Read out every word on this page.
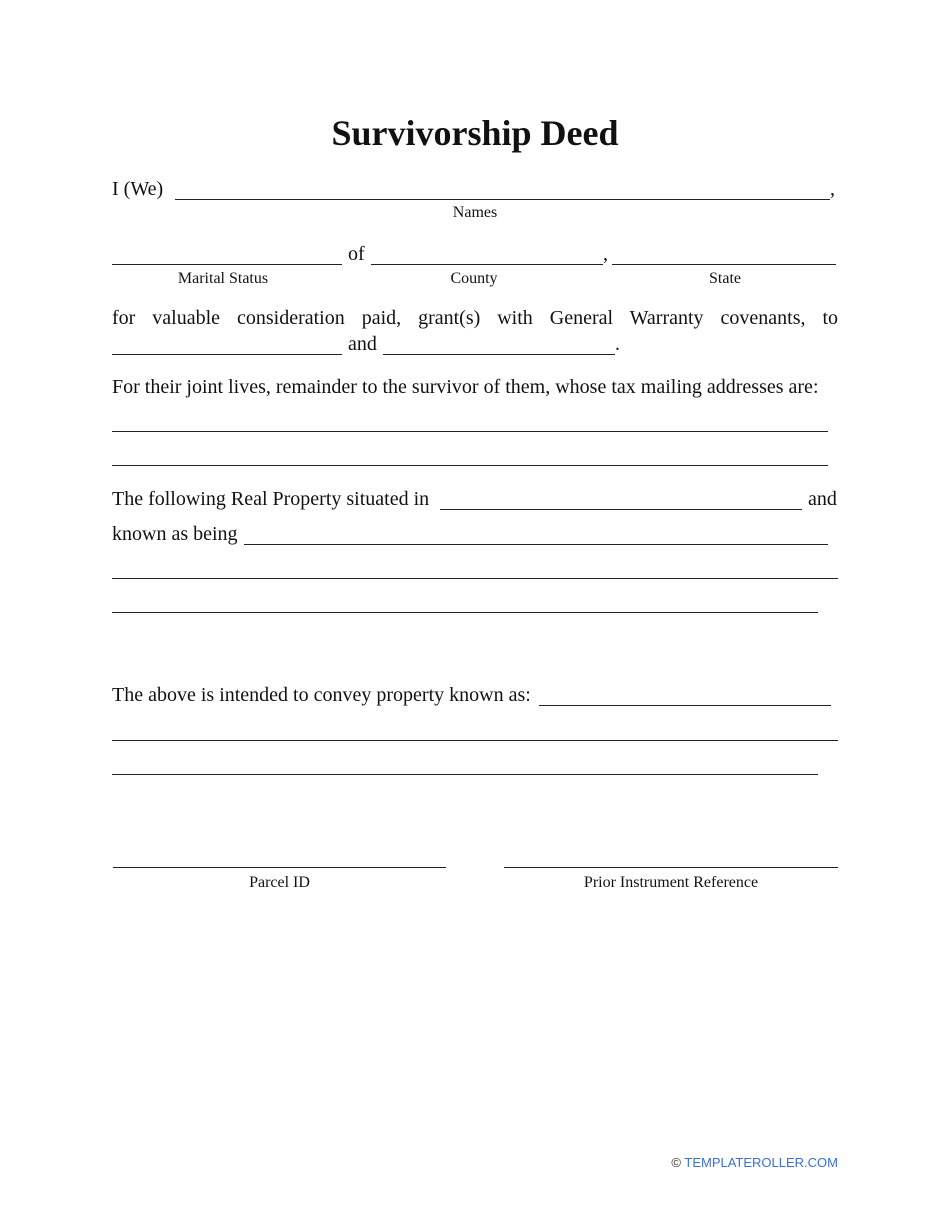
Survivorship Deed
I (We)	,
Names
of	,
Marital Status	County	State
for valuable consideration paid, grant(s) with General Warranty covenants, to
and	.
For their joint lives, remainder to the survivor of them, whose tax mailing addresses are:
The following Real Property situated in	and
known as being
The above is intended to convey property known as:
Parcel ID	Prior Instrument Reference
© TEMPLATEROLLER.COM
